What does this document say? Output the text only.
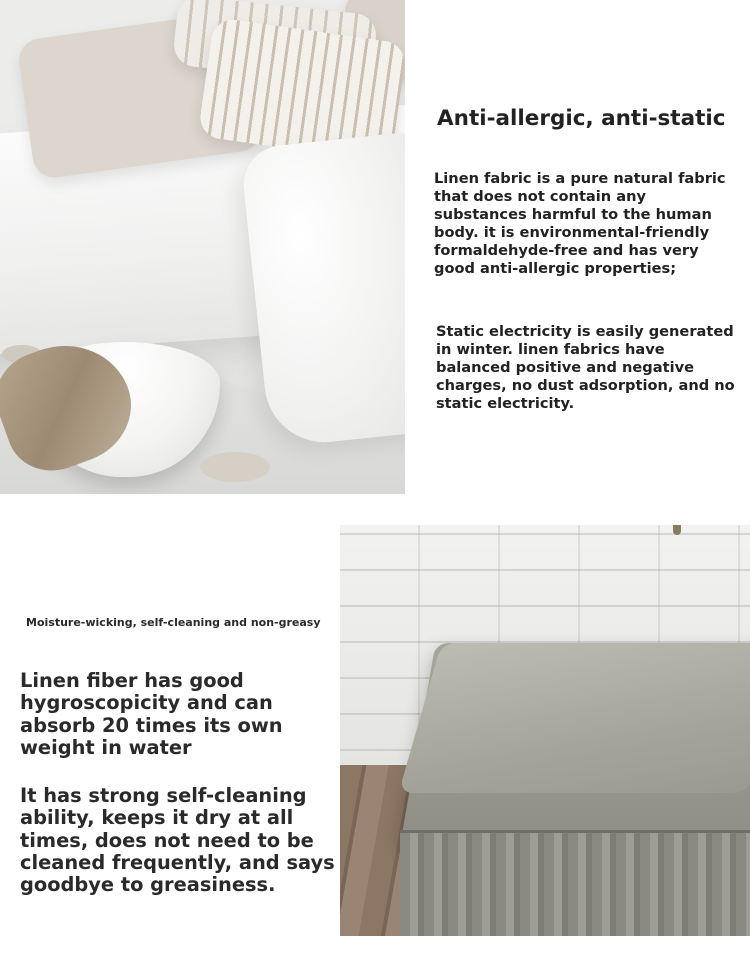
Anti-allergic, anti-static

Linen fabric is a pure natural fabric that does not contain any substances harmful to the human body. it is environmental-friendly formaldehyde-free and has very good anti-allergic properties;

Static electricity is easily generated in winter. linen fabrics have balanced positive and negative charges, no dust adsorption, and no static electricity.

Moisture-wicking, self-cleaning and non-greasy

Linen fiber has good hygroscopicity and can absorb 20 times its own weight in water

It has strong self-cleaning ability, keeps it dry at all times, does not need to be cleaned frequently, and says goodbye to greasiness.
